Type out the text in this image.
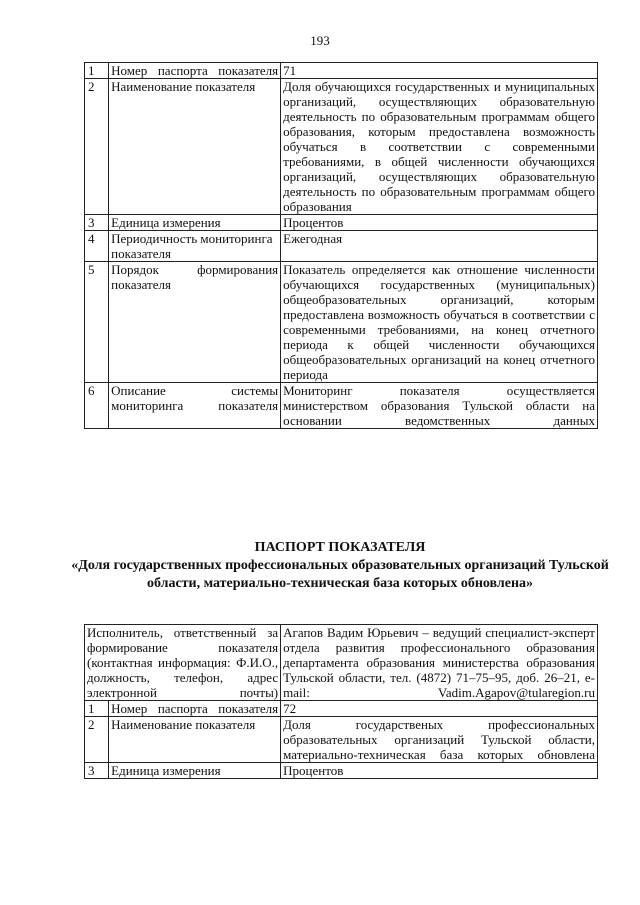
193
1	Номер паспорта показателя	71
2	Наименование показателя	Доля обучающихся государственных и муниципальных организаций, осуществляющих образовательную деятельность по образовательным программам общего образования, которым предоставлена возможность обучаться в соответствии с современными требованиями, в общей численности обучающихся организаций, осуществляющих образовательную деятельность по образовательным программам общего образования
3	Единица измерения	Процентов
4	Периодичность мониторинга показателя	Ежегодная
5	Порядок формирования показателя	Показатель определяется как отношение численности обучающихся государственных (муниципальных) общеобразовательных организаций, которым предоставлена возможность обучаться в соответствии с современными требованиями, на конец отчетного периода к общей численности обучающихся общеобразовательных организаций на конец отчетного периода
6	Описание системы мониторинга показателя	Мониторинг показателя осуществляется министерством образования Тульской области на основании ведомственных данных
ПАСПОРТ ПОКАЗАТЕЛЯ
«Доля государственных профессиональных образовательных организаций Тульской области, материально-техническая база которых обновлена»
Исполнитель, ответственный за формирование показателя (контактная информация: Ф.И.О., должность, телефон, адрес электронной почты)		Агапов Вадим Юрьевич – ведущий специалист-эксперт отдела развития профессионального образования департамента образования министерства образования Тульской области, тел. (4872) 71–75–95, доб. 26–21, e-mail: Vadim.Agapov@tularegion.ru
1	Номер паспорта показателя	72
2	Наименование показателя	Доля государственых профессиональных образовательных организаций Тульской области, материально-техническая база которых обновлена
3	Единица измерения	Процентов
